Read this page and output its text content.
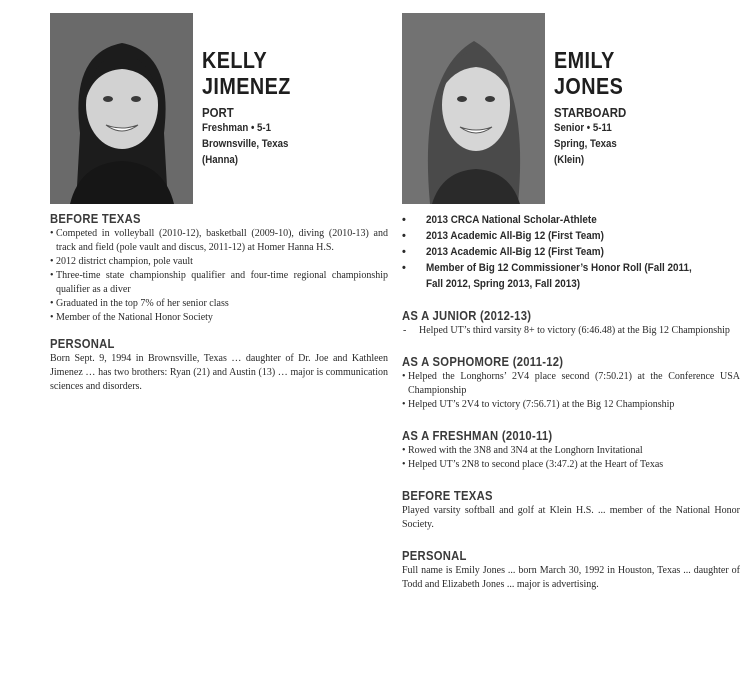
KELLY
JIMENEZ
PORT
Freshman • 5-1
Brownsville, Texas
(Hanna)
BEFORE TEXAS
• Competed in volleyball (2010-12), basketball (2009-10), diving (2010-13) and track and field (pole vault and discus, 2011-12) at Homer Hanna H.S.
• 2012 district champion, pole vault
• Three-time state championship qualifier and four-time regional championship qualifier as a diver
• Graduated in the top 7% of her senior class
• Member of the National Honor Society
PERSONAL
Born Sept. 9, 1994 in Brownsville, Texas … daughter of Dr. Joe and Kathleen Jimenez … has two brothers: Ryan (21) and Austin (13) … major is communication sciences and disorders.
EMILY
JONES
STARBOARD
Senior • 5-11
Spring, Texas
(Klein)
• 2013 CRCA National Scholar-Athlete
• 2013 Academic All-Big 12 (First Team)
• 2013 Academic All-Big 12 (First Team)
• Member of Big 12 Commissioner’s Honor Roll (Fall 2011, Fall 2012, Spring 2013, Fall 2013)
AS A JUNIOR (2012-13)
- Helped UT’s third varsity 8+ to victory (6:46.48) at the Big 12 Championship
AS A SOPHOMORE (2011-12)
• Helped the Longhorns’ 2V4 place second (7:50.21) at the Conference USA Championship
• Helped UT’s 2V4 to victory (7:56.71) at the Big 12 Championship
AS A FRESHMAN (2010-11)
• Rowed with the 3N8 and 3N4 at the Longhorn Invitational
• Helped UT’s 2N8 to second place (3:47.2) at the Heart of Texas
BEFORE TEXAS
Played varsity softball and golf at Klein H.S. ... member of the National Honor Society.
PERSONAL
Full name is Emily Jones ... born March 30, 1992 in Houston, Texas ... daughter of Todd and Elizabeth Jones ... major is advertising.
